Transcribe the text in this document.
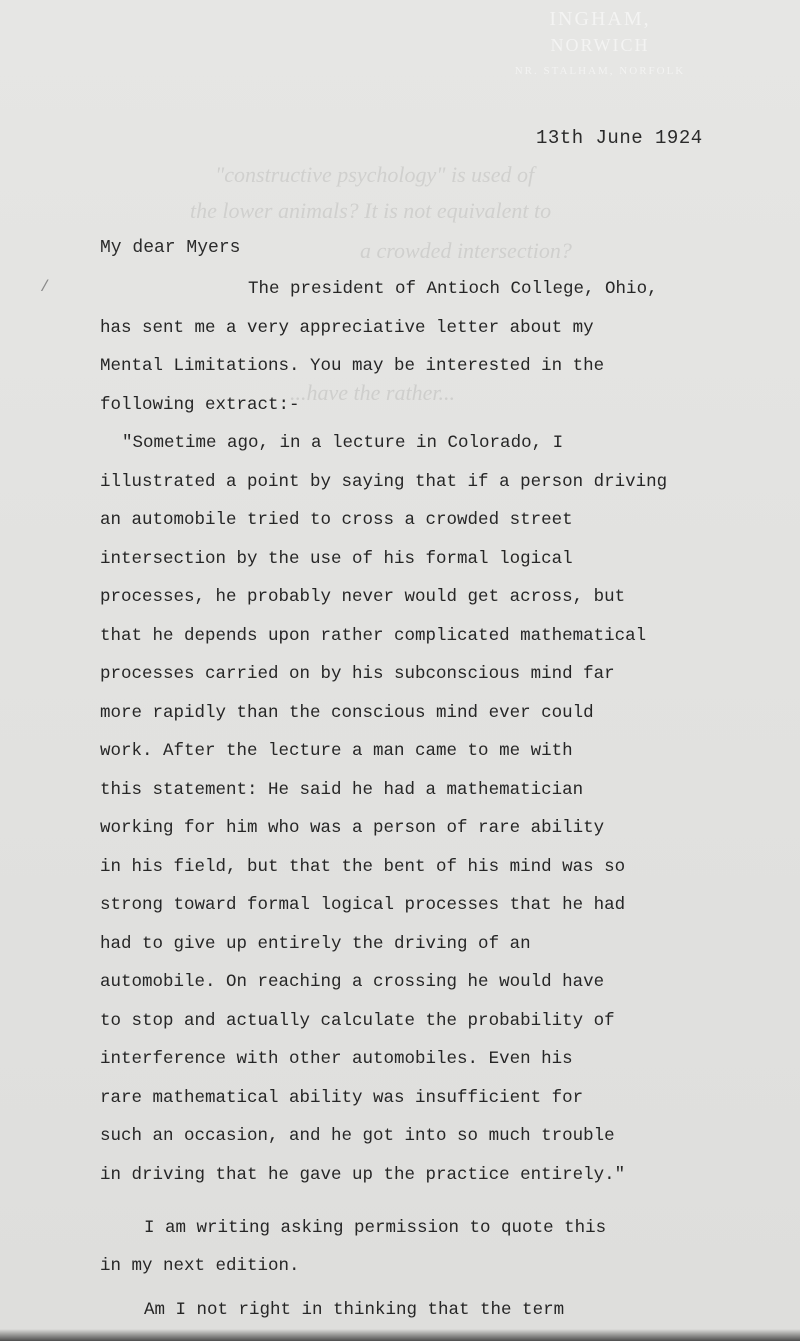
INGHAM,
NORWICH
NR. STALHAM, NORFOLK
"constructive psychology" is used of
the lower animals? It is not equivalent to
a crowded intersection?
...have the rather...
13th June 1924
/
My dear Myers
The president of Antioch College, Ohio,
has sent me a very appreciative letter about my
Mental Limitations. You may be interested in the
following extract:-
"Sometime ago, in a lecture in Colorado, I
illustrated a point by saying that if a person driving
an automobile tried to cross a crowded street
intersection by the use of his formal logical
processes, he probably never would get across, but
that he depends upon rather complicated mathematical
processes carried on by his subconscious mind far
more rapidly than the conscious mind ever could
work. After the lecture a man came to me with
this statement: He said he had a mathematician
working for him who was a person of rare ability
in his field, but that the bent of his mind was so
strong toward formal logical processes that he had
had to give up entirely the driving of an
automobile. On reaching a crossing he would have
to stop and actually calculate the probability of
interference with other automobiles. Even his
rare mathematical ability was insufficient for
such an occasion, and he got into so much trouble
in driving that he gave up the practice entirely."
I am writing asking permission to quote this
in my next edition.
Am I not right in thinking that the term
